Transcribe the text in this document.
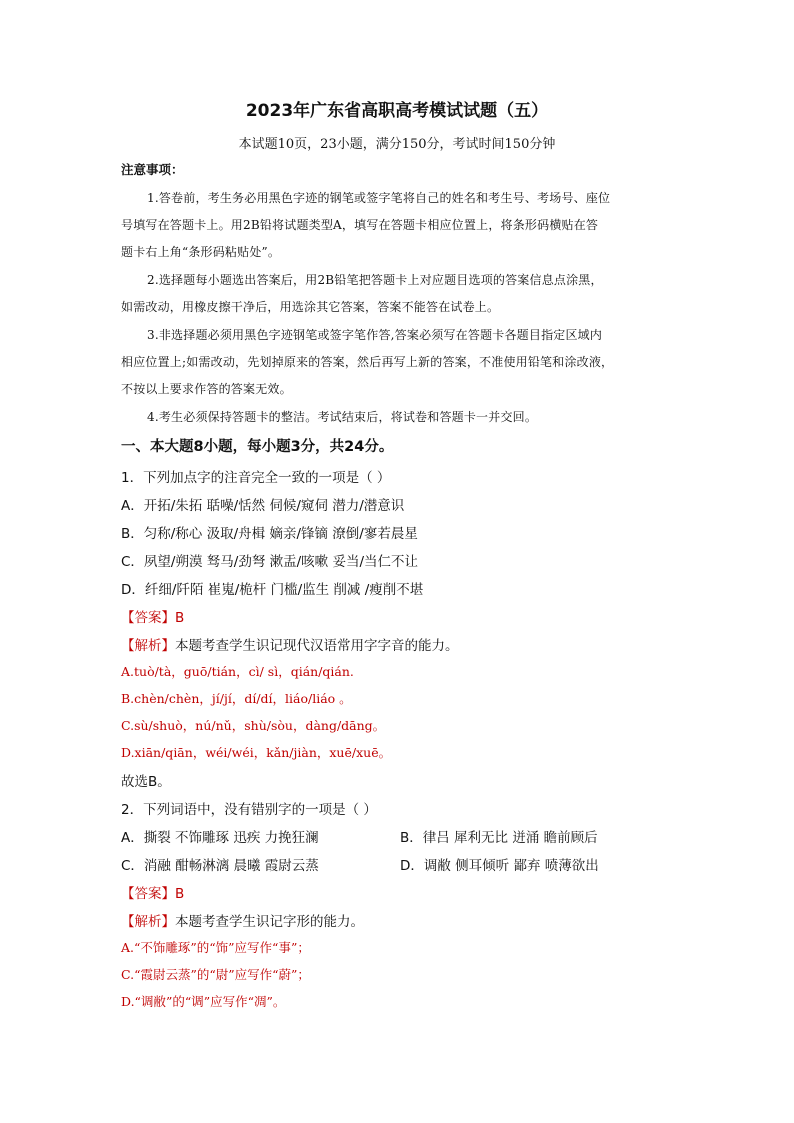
2023年广东省高职高考模试试题（五）
本试题10页，23小题，满分150分，考试时间150分钟
注意事项：
1.答卷前，考生务必用黑色字迹的钢笔或签字笔将自己的姓名和考生号、考场号、座位
号填写在答题卡上。用2B铅将试题类型A，填写在答题卡相应位置上，将条形码横贴在答
题卡右上角“条形码粘贴处”。
2.选择题每小题选出答案后，用2B铅笔把答题卡上对应题目选项的答案信息点涂黑，
如需改动，用橡皮擦干净后，用选涂其它答案，答案不能答在试卷上。
3.非选择题必须用黑色字迹钢笔或签字笔作答,答案必须写在答题卡各题目指定区域内
相应位置上;如需改动，先划掉原来的答案，然后再写上新的答案，不准使用铅笔和涂改液，
不按以上要求作答的答案无效。
4.考生必须保持答题卡的整洁。考试结束后，将试卷和答题卡一并交回。
一、本大题8小题，每小题3分，共24分。
1．下列加点字的注音完全一致的一项是（ ）
A．开拓/朱拓 聒噪/恬然 伺候/窥伺 潜力/潜意识
B．匀称/称心 汲取/舟楫 嫡亲/锋镝 潦倒/寥若晨星
C．夙望/朔漠 驽马/劲弩 漱盂/咳嗽 妥当/当仁不让
D．纤细/阡陌 崔嵬/桅杆 门槛/监生 削减 /瘦削不堪
【答案】B
【解析】本题考查学生识记现代汉语常用字字音的能力。
A.tuò/tà，guō/tián，cì/ sì，qián/qián.
B.chèn/chèn，jí/jí，dí/dí，liáo/liáo 。
C.sù/shuò，nú/nǔ，shù/sòu，dàng/dāng。
D.xiān/qiān，wéi/wéi，kǎn/jiàn，xuē/xuē。
故选B。
2．下列词语中，没有错别字的一项是（ ）
A．撕裂 不饰雕琢 迅疾 力挽狂澜	B．律吕 犀利无比 迸涌 瞻前顾后
C．消融 酣畅淋漓 晨曦 霞尉云蒸	D．调敝 侧耳倾听 鄙弃 喷薄欲出
【答案】B
【解析】本题考查学生识记字形的能力。
A.“不饰雕琢”的“饰”应写作“事”；
C.“霞尉云蒸”的“尉”应写作“蔚”；
D.“调敝”的“调”应写作“凋”。
